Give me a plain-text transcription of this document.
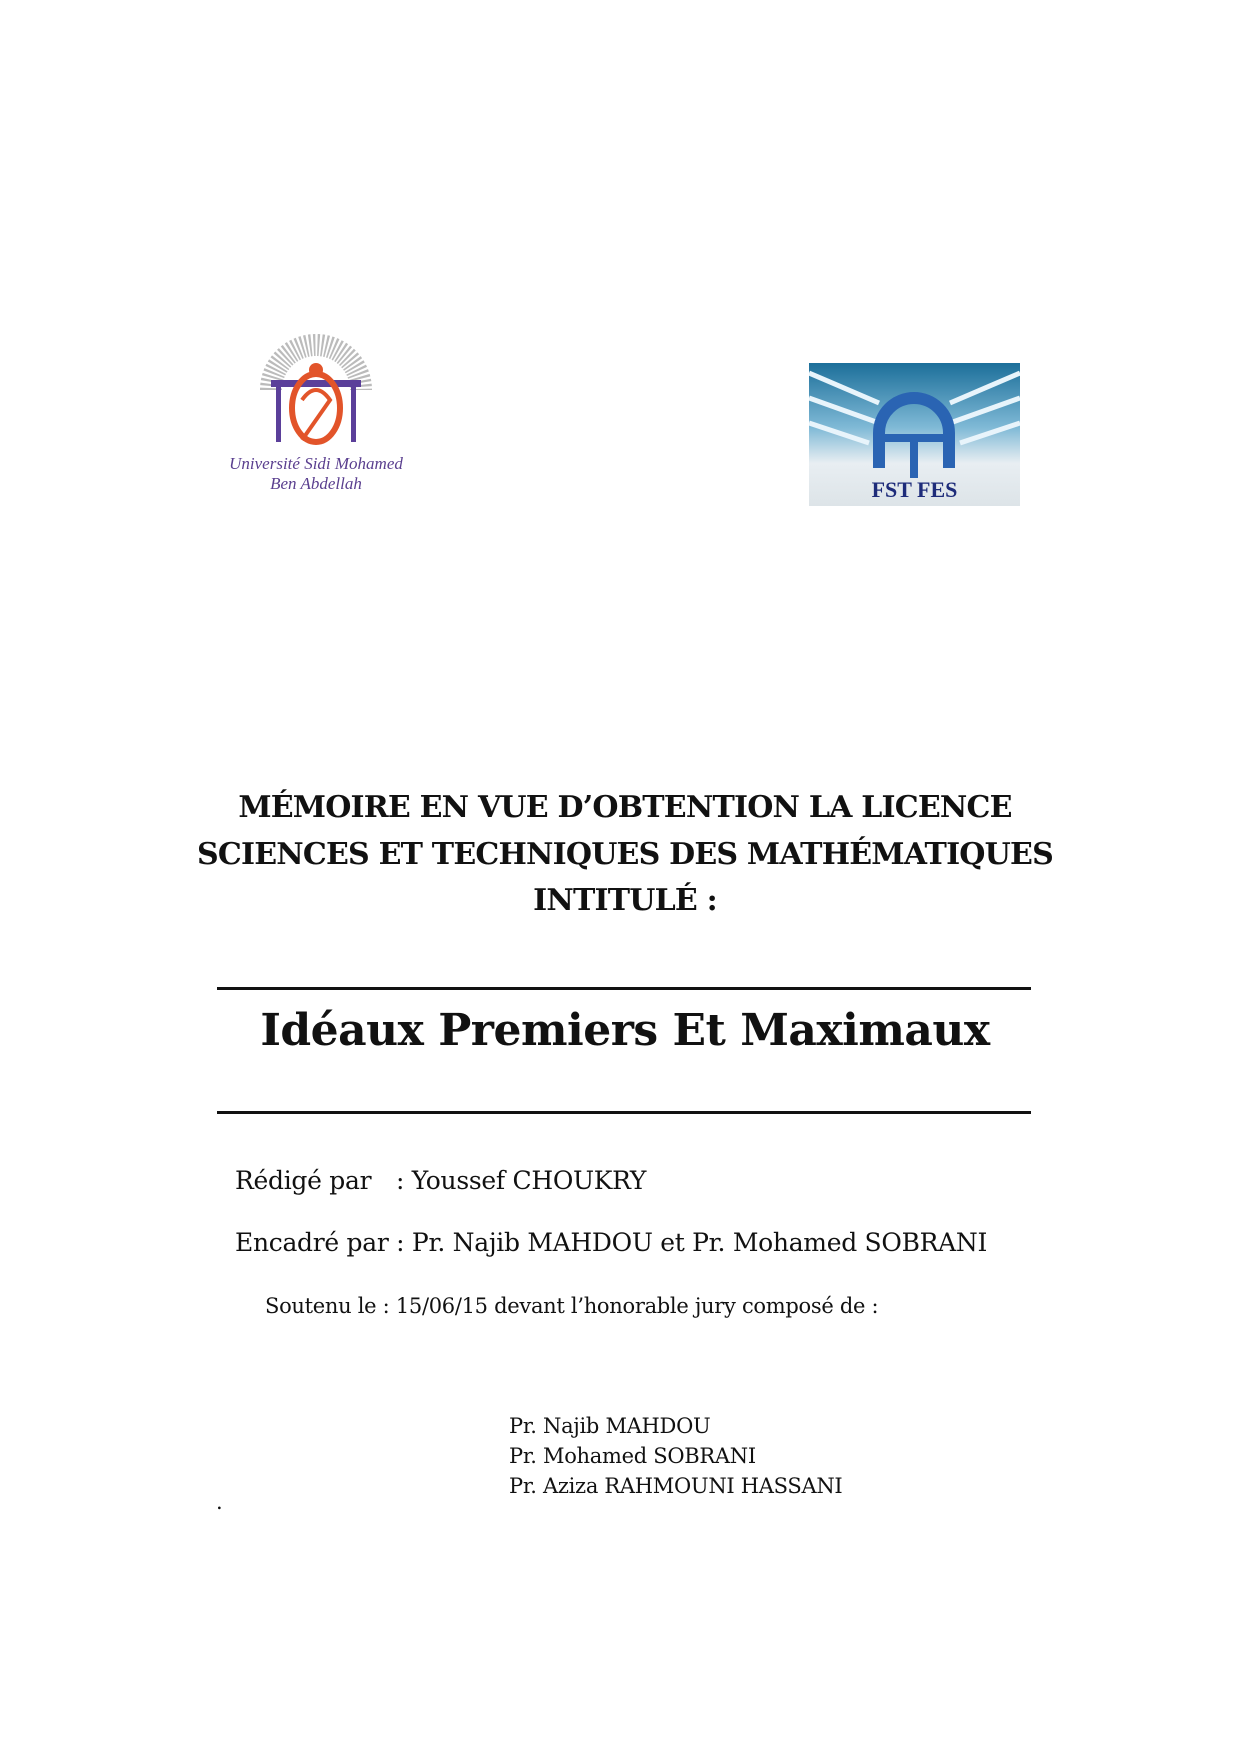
Université Sidi Mohamed
Ben Abdellah	FST FES
MÉMOIRE EN VUE D’OBTENTION LA LICENCE
SCIENCES ET TECHNIQUES DES MATHÉMATIQUES
INTITULÉ :
Idéaux Premiers Et Maximaux
Rédigé par : Youssef CHOUKRY
Encadré par : Pr. Najib MAHDOU et Pr. Mohamed SOBRANI
Soutenu le : 15/06/15 devant l’honorable jury composé de :
Pr. Najib MAHDOU
Pr. Mohamed SOBRANI
Pr. Aziza RAHMOUNI HASSANI
.
